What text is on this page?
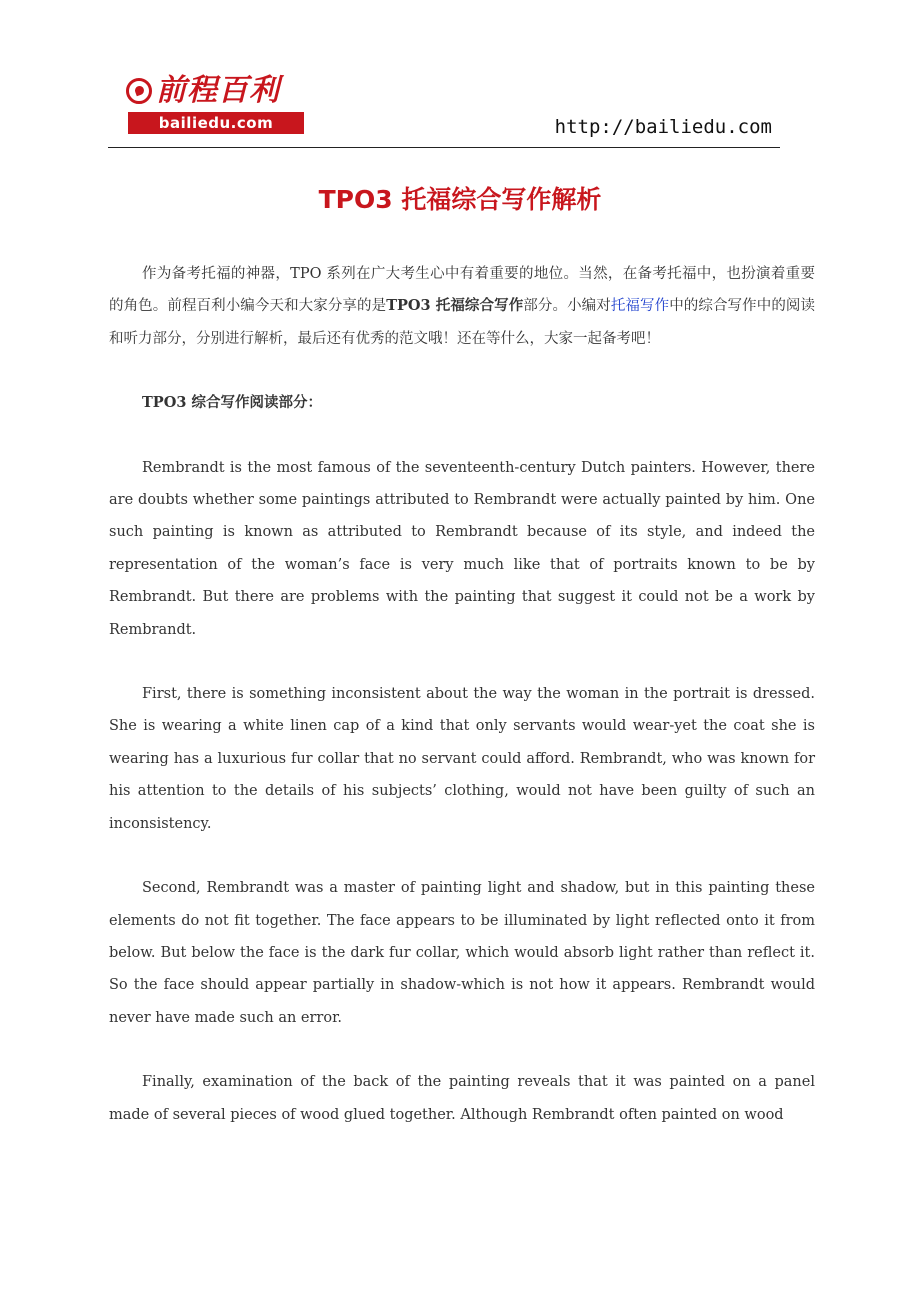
前程百利
bailiedu.com	http://bailiedu.com
TPO3 托福综合写作解析

作为备考托福的神器，TPO 系列在广大考生心中有着重要的地位。当然，在备考托福中，也扮演着重要的角色。前程百利小编今天和大家分享的是TPO3 托福综合写作部分。小编对托福写作中的综合写作中的阅读和听力部分，分别进行解析，最后还有优秀的范文哦！还在等什么，大家一起备考吧！

TPO3 综合写作阅读部分：

Rembrandt is the most famous of the seventeenth-century Dutch painters. However, there are doubts whether some paintings attributed to Rembrandt were actually painted by him. One such painting is known as attributed to Rembrandt because of its style, and indeed the representation of the woman’s face is very much like that of portraits known to be by Rembrandt. But there are problems with the painting that suggest it could not be a work by Rembrandt.

First, there is something inconsistent about the way the woman in the portrait is dressed. She is wearing a white linen cap of a kind that only servants would wear-yet the coat she is wearing has a luxurious fur collar that no servant could afford. Rembrandt, who was known for his attention to the details of his subjects’ clothing, would not have been guilty of such an inconsistency.

Second, Rembrandt was a master of painting light and shadow, but in this painting these elements do not fit together. The face appears to be illuminated by light reflected onto it from below. But below the face is the dark fur collar, which would absorb light rather than reflect it. So the face should appear partially in shadow-which is not how it appears. Rembrandt would never have made such an error.

Finally, examination of the back of the painting reveals that it was painted on a panel made of several pieces of wood glued together. Although Rembrandt often painted on wood
